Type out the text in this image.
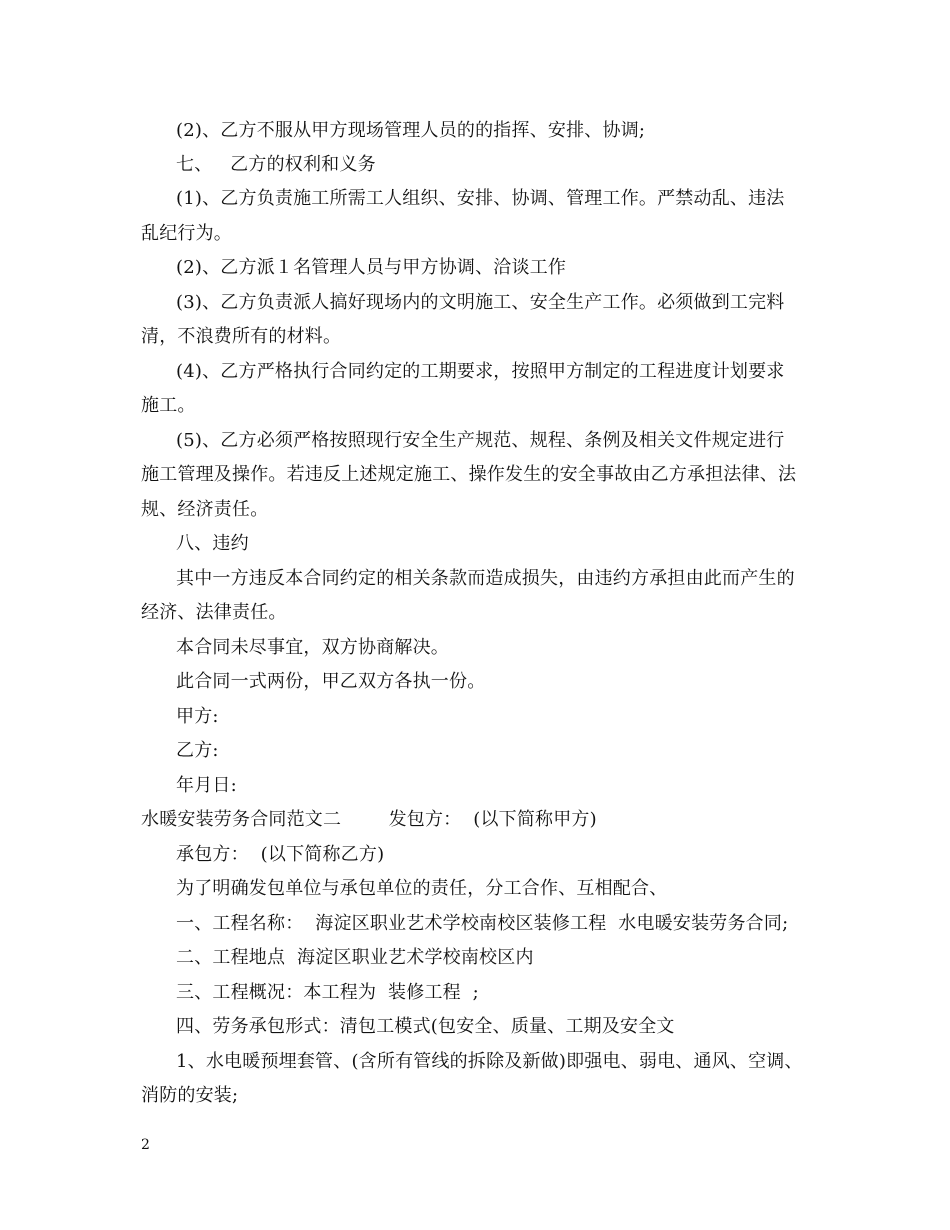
(2)、乙方不服从甲方现场管理人员的的指挥、安排、协调;
七、   乙方的权利和义务
(1)、乙方负责施工所需工人组织、安排、协调、管理工作。严禁动乱、违法
乱纪行为。
(2)、乙方派１名管理人员与甲方协调、洽谈工作
(3)、乙方负责派人搞好现场内的文明施工、安全生产工作。必须做到工完料
清，不浪费所有的材料。
(4)、乙方严格执行合同约定的工期要求，按照甲方制定的工程进度计划要求
施工。
(5)、乙方必须严格按照现行安全生产规范、规程、条例及相关文件规定进行
施工管理及操作。若违反上述规定施工、操作发生的安全事故由乙方承担法律、法
规、经济责任。
八、违约
其中一方违反本合同约定的相关条款而造成损失，由违约方承担由此而产生的
经济、法律责任。
本合同未尽事宜，双方协商解决。
此合同一式两份，甲乙双方各执一份。
甲方:
乙方:
年月日:
水暖安装劳务合同范文二        发包方：  (以下简称甲方)
承包方：  (以下简称乙方)
为了明确发包单位与承包单位的责任，分工合作、互相配合、
一、工程名称：  海淀区职业艺术学校南校区装修工程  水电暖安装劳务合同;
二、工程地点  海淀区职业艺术学校南校区内
三、工程概况：本工程为  装修工程  ;
四、劳务承包形式：清包工模式(包安全、质量、工期及安全文
1、水电暖预埋套管、(含所有管线的拆除及新做)即强电、弱电、通风、空调、
消防的安装;
2
